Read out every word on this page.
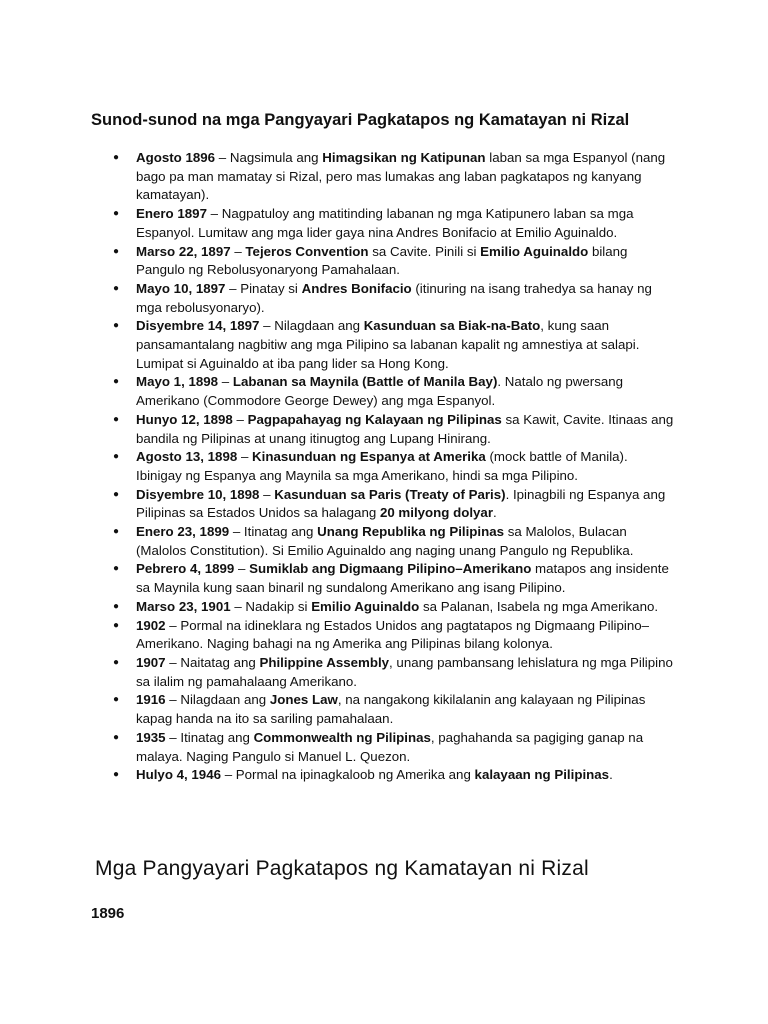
Sunod-sunod na mga Pangyayari Pagkatapos ng Kamatayan ni Rizal
● Agosto 1896 – Nagsimula ang Himagsikan ng Katipunan laban sa mga Espanyol (nang bago pa man mamatay si Rizal, pero mas lumakas ang laban pagkatapos ng kanyang kamatayan).
● Enero 1897 – Nagpatuloy ang matitinding labanan ng mga Katipunero laban sa mga Espanyol. Lumitaw ang mga lider gaya nina Andres Bonifacio at Emilio Aguinaldo.
● Marso 22, 1897 – Tejeros Convention sa Cavite. Pinili si Emilio Aguinaldo bilang Pangulo ng Rebolusyonaryong Pamahalaan.
● Mayo 10, 1897 – Pinatay si Andres Bonifacio (itinuring na isang trahedya sa hanay ng mga rebolusyonaryo).
● Disyembre 14, 1897 – Nilagdaan ang Kasunduan sa Biak-na-Bato, kung saan pansamantalang nagbitiw ang mga Pilipino sa labanan kapalit ng amnestiya at salapi. Lumipat si Aguinaldo at iba pang lider sa Hong Kong.
● Mayo 1, 1898 – Labanan sa Maynila (Battle of Manila Bay). Natalo ng pwersang Amerikano (Commodore George Dewey) ang mga Espanyol.
● Hunyo 12, 1898 – Pagpapahayag ng Kalayaan ng Pilipinas sa Kawit, Cavite. Itinaas ang bandila ng Pilipinas at unang itinugtog ang Lupang Hinirang.
● Agosto 13, 1898 – Kinasunduan ng Espanya at Amerika (mock battle of Manila). Ibinigay ng Espanya ang Maynila sa mga Amerikano, hindi sa mga Pilipino.
● Disyembre 10, 1898 – Kasunduan sa Paris (Treaty of Paris). Ipinagbili ng Espanya ang Pilipinas sa Estados Unidos sa halagang 20 milyong dolyar.
● Enero 23, 1899 – Itinatag ang Unang Republika ng Pilipinas sa Malolos, Bulacan (Malolos Constitution). Si Emilio Aguinaldo ang naging unang Pangulo ng Republika.
● Pebrero 4, 1899 – Sumiklab ang Digmaang Pilipino–Amerikano matapos ang insidente sa Maynila kung saan binaril ng sundalong Amerikano ang isang Pilipino.
● Marso 23, 1901 – Nadakip si Emilio Aguinaldo sa Palanan, Isabela ng mga Amerikano.
● 1902 – Pormal na idineklara ng Estados Unidos ang pagtatapos ng Digmaang Pilipino–Amerikano. Naging bahagi na ng Amerika ang Pilipinas bilang kolonya.
● 1907 – Naitatag ang Philippine Assembly, unang pambansang lehislatura ng mga Pilipino sa ilalim ng pamahalaang Amerikano.
● 1916 – Nilagdaan ang Jones Law, na nangakong kikilalanin ang kalayaan ng Pilipinas kapag handa na ito sa sariling pamahalaan.
● 1935 – Itinatag ang Commonwealth ng Pilipinas, paghahanda sa pagiging ganap na malaya. Naging Pangulo si Manuel L. Quezon.
● Hulyo 4, 1946 – Pormal na ipinagkaloob ng Amerika ang kalayaan ng Pilipinas.
Mga Pangyayari Pagkatapos ng Kamatayan ni Rizal
1896
